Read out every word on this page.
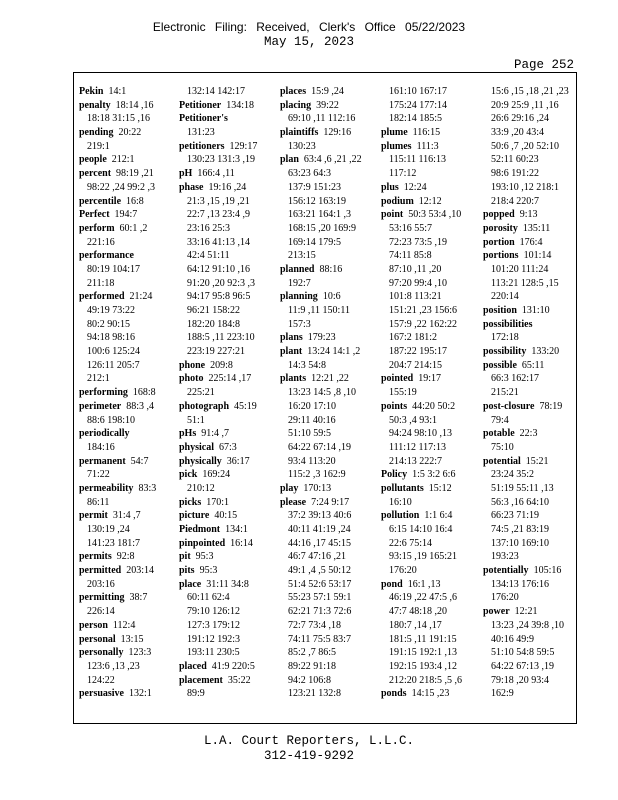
Electronic Filing: Received, Clerk's Office 05/22/2023
May 15, 2023
Page 252
Pekin 14:1
penalty 18:14 ,16
18:18 31:15 ,16
pending 20:22
219:1
people 212:1
percent 98:19 ,21
98:22 ,24 99:2 ,3
percentile 16:8
Perfect 194:7
perform 60:1 ,2
221:16
performance
80:19 104:17
211:18
performed 21:24
49:19 73:22
80:2 90:15
94:18 98:16
100:6 125:24
126:11 205:7
212:1
performing 168:8
perimeter 88:3 ,4
88:6 198:10
periodically
184:16
permanent 54:7
71:22
permeability 83:3
86:11
permit 31:4 ,7
130:19 ,24
141:23 181:7
permits 92:8
permitted 203:14
203:16
permitting 38:7
226:14
person 112:4
personal 13:15
personally 123:3
123:6 ,13 ,23
124:22
persuasive 132:1
132:14 142:17
Petitioner 134:18
Petitioner's
131:23
petitioners 129:17
130:23 131:3 ,19
pH 166:4 ,11
phase 19:16 ,24
21:3 ,15 ,19 ,21
22:7 ,13 23:4 ,9
23:16 25:3
33:16 41:13 ,14
42:4 51:11
64:12 91:10 ,16
91:20 ,20 92:3 ,3
94:17 95:8 96:5
96:21 158:22
182:20 184:8
188:5 ,11 223:10
223:19 227:21
phone 209:8
photo 225:14 ,17
225:21
photograph 45:19
51:1
pHs 91:4 ,7
physical 67:3
physically 36:17
pick 169:24
210:12
picks 170:1
picture 40:15
Piedmont 134:1
pinpointed 16:14
pit 95:3
pits 95:3
place 31:11 34:8
60:11 62:4
79:10 126:12
127:3 179:12
191:12 192:3
193:11 230:5
placed 41:9 220:5
placement 35:22
89:9
places 15:9 ,24
placing 39:22
69:10 ,11 112:16
plaintiffs 129:16
130:23
plan 63:4 ,6 ,21 ,22
63:23 64:3
137:9 151:23
156:12 163:19
163:21 164:1 ,3
168:15 ,20 169:9
169:14 179:5
213:15
planned 88:16
192:7
planning 10:6
11:9 ,11 150:11
157:3
plans 179:23
plant 13:24 14:1 ,2
14:3 54:8
plants 12:21 ,22
13:23 14:5 ,8 ,10
16:20 17:10
29:11 40:16
51:10 59:5
64:22 67:14 ,19
93:4 113:20
115:2 ,3 162:9
play 170:13
please 7:24 9:17
37:2 39:13 40:6
40:11 41:19 ,24
44:16 ,17 45:15
46:7 47:16 ,21
49:1 ,4 ,5 50:12
51:4 52:6 53:17
55:23 57:1 59:1
62:21 71:3 72:6
72:7 73:4 ,18
74:11 75:5 83:7
85:2 ,7 86:5
89:22 91:18
94:2 106:8
123:21 132:8
161:10 167:17
175:24 177:14
182:14 185:5
plume 116:15
plumes 111:3
115:11 116:13
117:12
plus 12:24
podium 12:12
point 50:3 53:4 ,10
53:16 55:7
72:23 73:5 ,19
74:11 85:8
87:10 ,11 ,20
97:20 99:4 ,10
101:8 113:21
151:21 ,23 156:6
157:9 ,22 162:22
167:2 181:2
187:22 195:17
204:7 214:15
pointed 19:17
155:19
points 44:20 50:2
50:3 ,4 93:1
94:24 98:10 ,13
111:12 117:13
214:13 222:7
Policy 1:5 3:2 6:6
pollutants 15:12
16:10
pollution 1:1 6:4
6:15 14:10 16:4
22:6 75:14
93:15 ,19 165:21
176:20
pond 16:1 ,13
46:19 ,22 47:5 ,6
47:7 48:18 ,20
180:7 ,14 ,17
181:5 ,11 191:15
191:15 192:1 ,13
192:15 193:4 ,12
212:20 218:5 ,5 ,6
ponds 14:15 ,23
15:6 ,15 ,18 ,21 ,23
20:9 25:9 ,11 ,16
26:6 29:16 ,24
33:9 ,20 43:4
50:6 ,7 ,20 52:10
52:11 60:23
98:6 191:22
193:10 ,12 218:1
218:4 220:7
popped 9:13
porosity 135:11
portion 176:4
portions 101:14
101:20 111:24
113:21 128:5 ,15
220:14
position 131:10
possibilities
172:18
possibility 133:20
possible 65:11
66:3 162:17
215:21
post-closure 78:19
79:4
potable 22:3
75:10
potential 15:21
23:24 35:2
51:19 55:11 ,13
56:3 ,16 64:10
66:23 71:19
74:5 ,21 83:19
137:10 169:10
193:23
potentially 105:16
134:13 176:16
176:20
power 12:21
13:23 ,24 39:8 ,10
40:16 49:9
51:10 54:8 59:5
64:22 67:13 ,19
79:18 ,20 93:4
162:9
L.A. Court Reporters, L.L.C.
312-419-9292
